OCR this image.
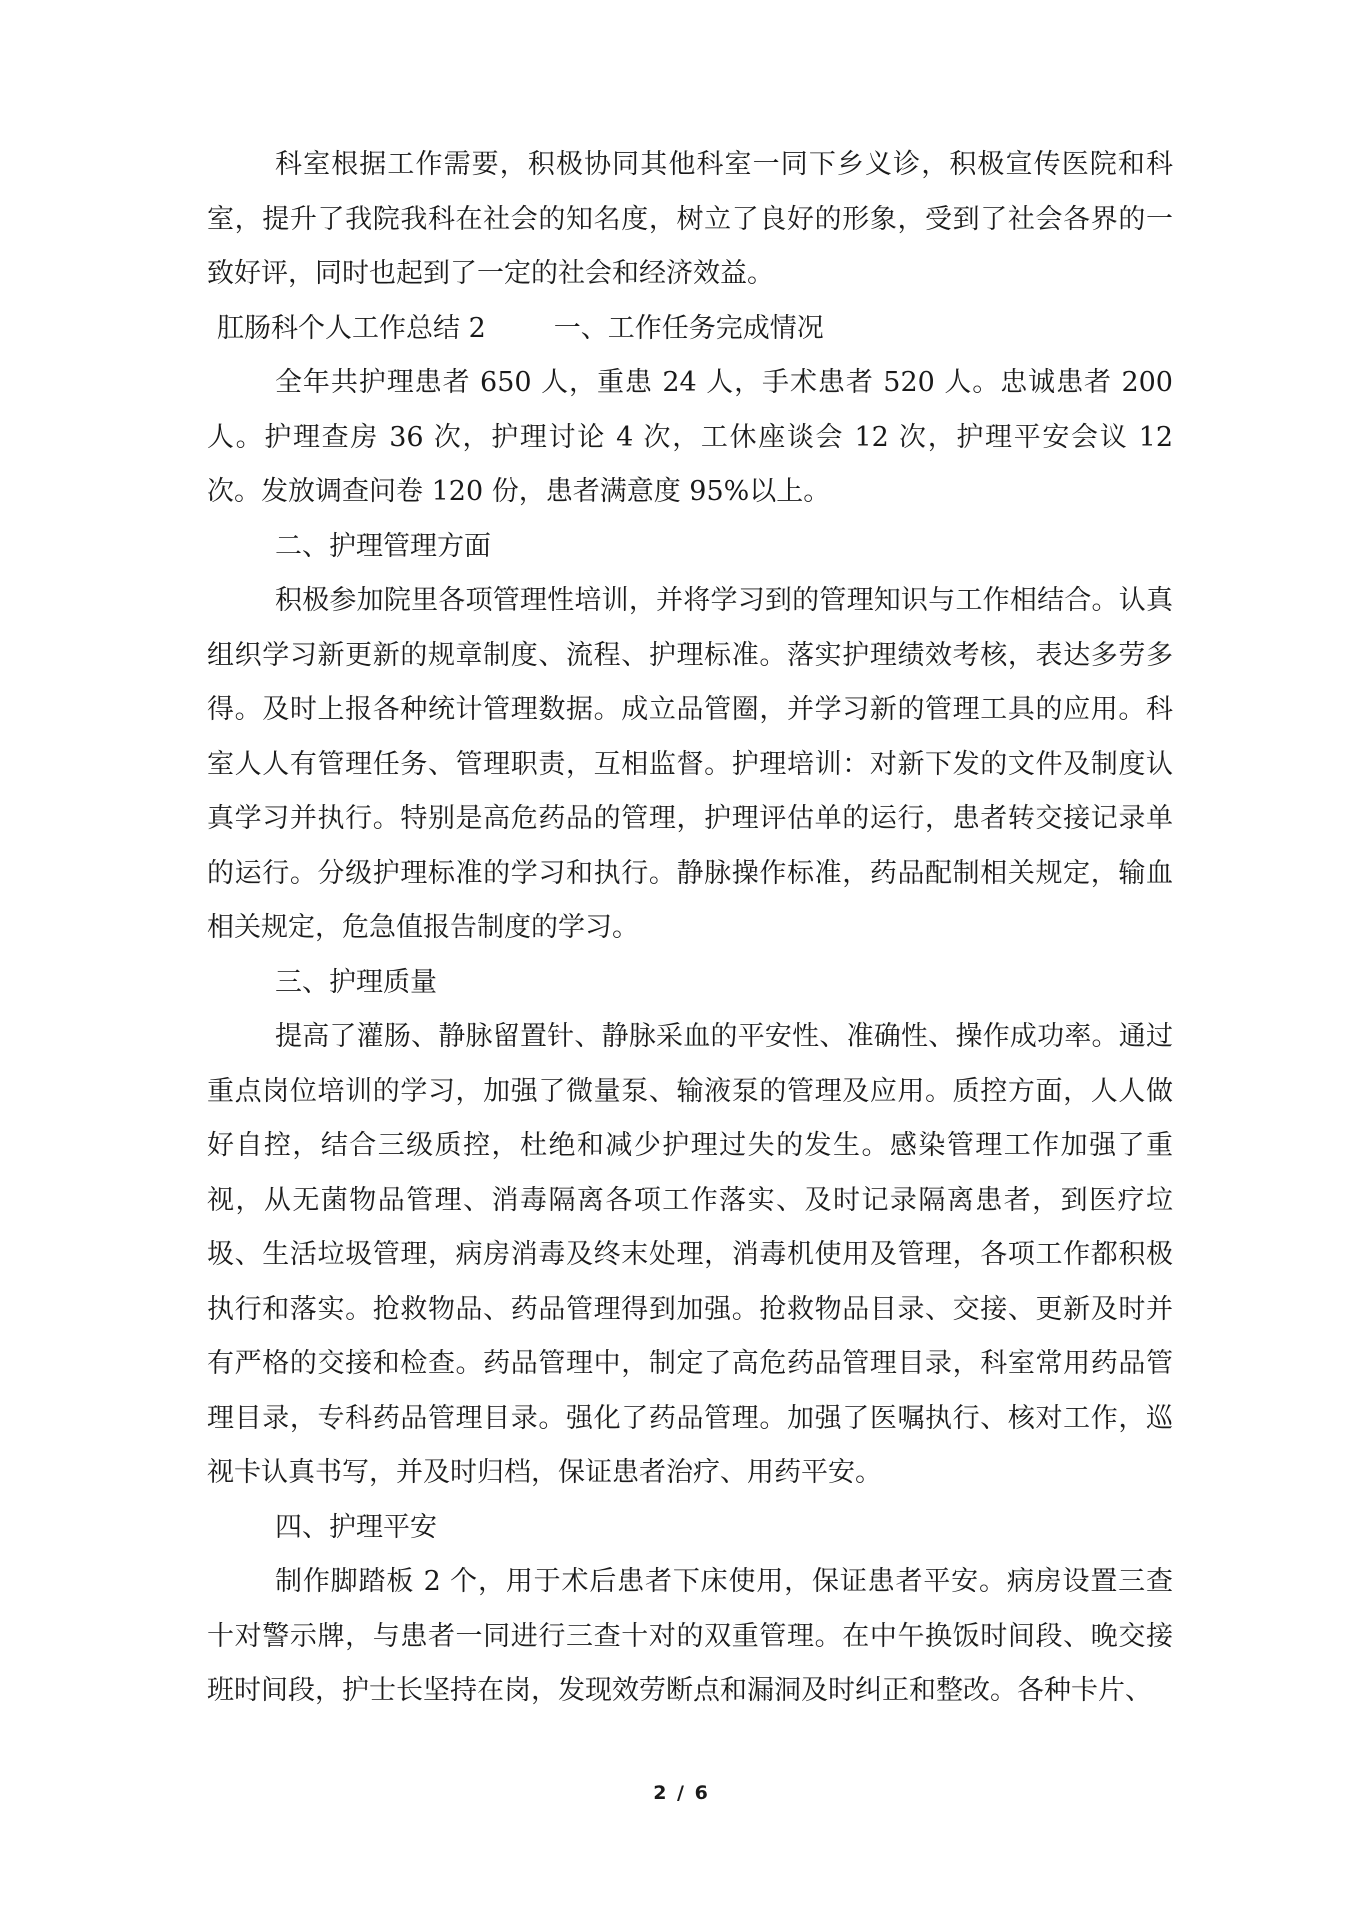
科室根据工作需要，积极协同其他科室一同下乡义诊，积极宣传医院和科室，提升了我院我科在社会的知名度，树立了良好的形象，受到了社会各界的一致好评，同时也起到了一定的社会和经济效益。

肛肠科个人工作总结 2	一、工作任务完成情况

全年共护理患者 650 人，重患 24 人，手术患者 520 人。忠诚患者 200 人。护理查房 36 次，护理讨论 4 次，工休座谈会 12 次，护理平安会议 12 次。发放调查问卷 120 份，患者满意度 95%以上。

二、护理管理方面

积极参加院里各项管理性培训，并将学习到的管理知识与工作相结合。认真组织学习新更新的规章制度、流程、护理标准。落实护理绩效考核，表达多劳多得。及时上报各种统计管理数据。成立品管圈，并学习新的管理工具的应用。科室人人有管理任务、管理职责，互相监督。护理培训：对新下发的文件及制度认真学习并执行。特别是高危药品的管理，护理评估单的运行，患者转交接记录单的运行。分级护理标准的学习和执行。静脉操作标准，药品配制相关规定，输血相关规定，危急值报告制度的学习。

三、护理质量

提高了灌肠、静脉留置针、静脉采血的平安性、准确性、操作成功率。通过重点岗位培训的学习，加强了微量泵、输液泵的管理及应用。质控方面，人人做好自控，结合三级质控，杜绝和减少护理过失的发生。感染管理工作加强了重视，从无菌物品管理、消毒隔离各项工作落实、及时记录隔离患者，到医疗垃圾、生活垃圾管理，病房消毒及终末处理，消毒机使用及管理，各项工作都积极执行和落实。抢救物品、药品管理得到加强。抢救物品目录、交接、更新及时并有严格的交接和检查。药品管理中，制定了高危药品管理目录，科室常用药品管理目录，专科药品管理目录。强化了药品管理。加强了医嘱执行、核对工作，巡视卡认真书写，并及时归档，保证患者治疗、用药平安。

四、护理平安

制作脚踏板 2 个，用于术后患者下床使用，保证患者平安。病房设置三查十对警示牌，与患者一同进行三查十对的双重管理。在中午换饭时间段、晚交接班时间段，护士长坚持在岗，发现效劳断点和漏洞及时纠正和整改。各种卡片、

2 / 6
